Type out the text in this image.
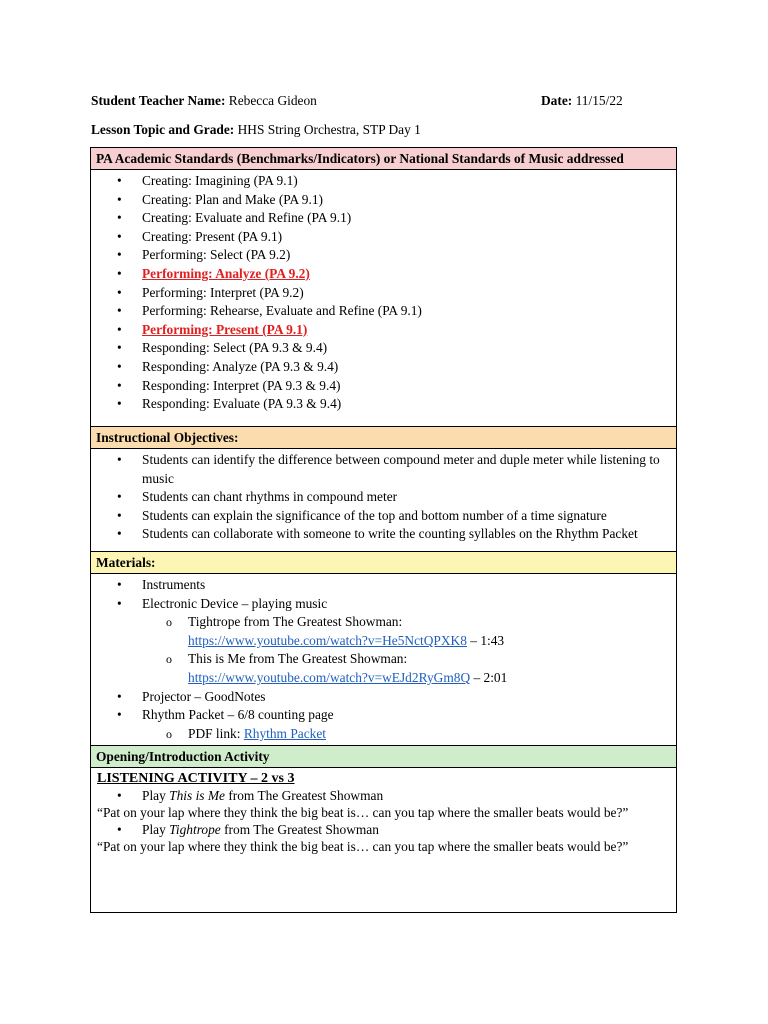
Student Teacher Name: Rebecca Gideon	Date: 11/15/22
Lesson Topic and Grade: HHS String Orchestra, STP Day 1
PA Academic Standards (Benchmarks/Indicators) or National Standards of Music addressed
• Creating: Imagining (PA 9.1)
• Creating: Plan and Make (PA 9.1)
• Creating: Evaluate and Refine (PA 9.1)
• Creating: Present (PA 9.1)
• Performing: Select (PA 9.2)
• Performing: Analyze (PA 9.2)
• Performing: Interpret (PA 9.2)
• Performing: Rehearse, Evaluate and Refine (PA 9.1)
• Performing: Present (PA 9.1)
• Responding: Select (PA 9.3 & 9.4)
• Responding: Analyze (PA 9.3 & 9.4)
• Responding: Interpret (PA 9.3 & 9.4)
• Responding: Evaluate (PA 9.3 & 9.4)
Instructional Objectives:
• Students can identify the difference between compound meter and duple meter while listening to music
• Students can chant rhythms in compound meter
• Students can explain the significance of the top and bottom number of a time signature
• Students can collaborate with someone to write the counting syllables on the Rhythm Packet
Materials:
• Instruments
• Electronic Device – playing music
o Tightrope from The Greatest Showman:
https://www.youtube.com/watch?v=He5NctQPXK8 – 1:43
o This is Me from The Greatest Showman:
https://www.youtube.com/watch?v=wEJd2RyGm8Q – 2:01
• Projector – GoodNotes
• Rhythm Packet – 6/8 counting page
o PDF link: Rhythm Packet
Opening/Introduction Activity
LISTENING ACTIVITY – 2 vs 3
• Play This is Me from The Greatest Showman
“Pat on your lap where they think the big beat is… can you tap where the smaller beats would be?”
• Play Tightrope from The Greatest Showman
“Pat on your lap where they think the big beat is… can you tap where the smaller beats would be?”
